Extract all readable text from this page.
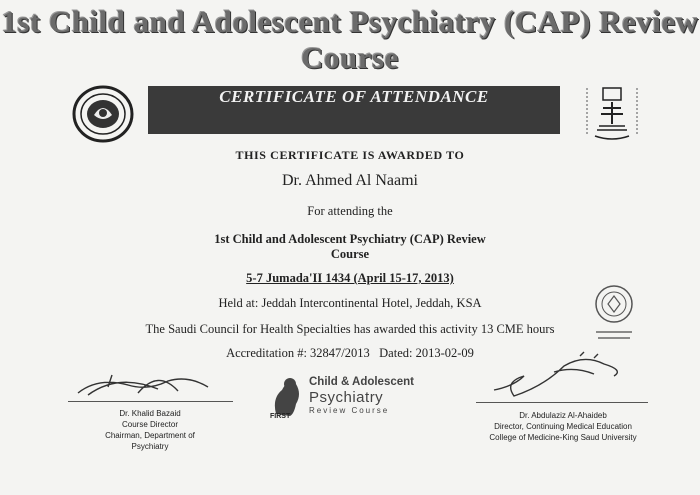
1st Child and Adolescent Psychiatry (CAP) Review
Course
CERTIFICATE OF ATTENDANCE
THIS CERTIFICATE IS AWARDED TO
Dr. Ahmed Al Naami
For attending the
1st Child and Adolescent Psychiatry (CAP) Review
Course
5-7 Jumada'II 1434 (April 15-17, 2013)
Held at: Jeddah Intercontinental Hotel, Jeddah, KSA
The Saudi Council for Health Specialties has awarded this activity 13 CME hours
Accreditation #: 32847/2013   Dated: 2013-02-09
Dr. Khalid Bazaid
Course Director
Chairman, Department of
Psychiatry
FIRST
Child & Adolescent
Psychiatry
Review Course
Dr. Abdulaziz Al-Ahaideb
Director, Continuing Medical Education
College of Medicine-King Saud University
